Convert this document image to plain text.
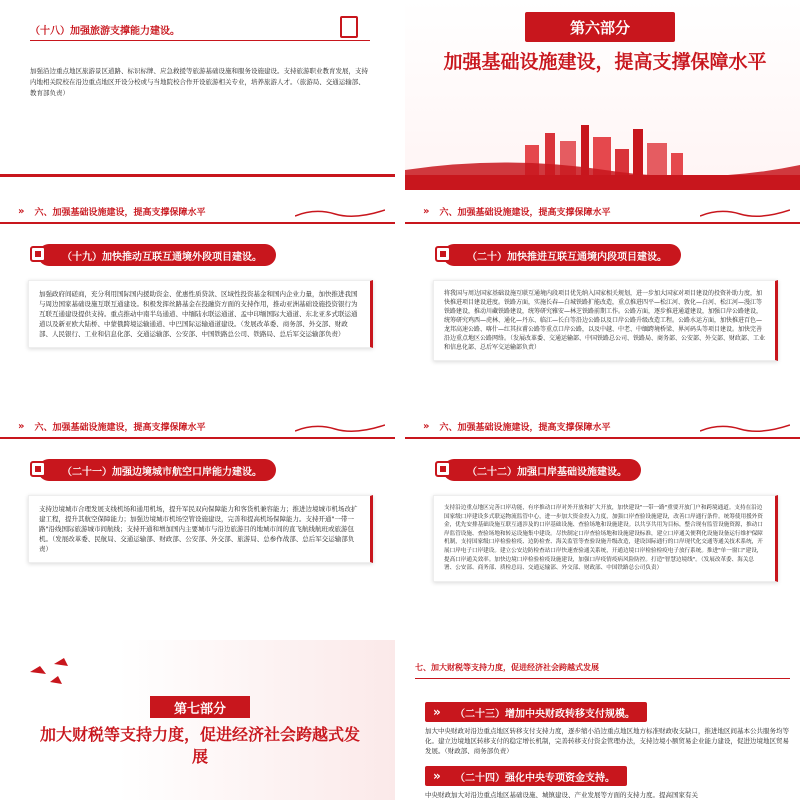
（十八）加强旅游支撑能力建设。
加强沿边重点地区旅游景区道路、标识标牌、应急救援等旅游基础设施和服务设施建设。支持旅游职业教育发展，支持内地相关院校在沿边重点地区开设分校或与当地院校合作开设旅游相关专业，培养旅游人才。（旅游局、交通运输部、教育部负责）
第六部分
加强基础设施建设，提高支撑保障水平
» 六、加强基础设施建设，提高支撑保障水平
（十九）加快推动互联互通境外段项目建设。
加强政府间磋商，充分利用国际国内援助资金、优惠性质贷款、区域性投资基金和国内企业力量，加快推进我国与周边国家基础设施互联互通建设。积极发挥丝路基金在投融资方面的支持作用，推动亚洲基础设施投资银行为互联互通建设提供支持。重点推动中南半岛通道、中缅陆水联运通道、孟中印缅国际大通道、东北亚多式联运通道以及新亚欧大陆桥、中蒙俄跨境运输通道、中巴国际运输通道建设。（发展改革委、商务部、外交部、财政部、人民银行、工业和信息化部、交通运输部、公安部、中国铁路总公司、铁路局、总后军交运输部负责）
» 六、加强基础设施建设，提高支撑保障水平
（二十）加快推进互联互通境内段项目建设。
将我国与周边国家基础设施互联互通境内段项目优先纳入国家相关规划，进一步加大国家对项目建设的投资补助力度，加快推进项目建设进度。铁路方面，实施长春—白城铁路扩能改造，重点推进四平—松江河、敦化—白河、松江河—漫江等铁路建设，推动川藏铁路建设，统筹研究雅安—林芝铁路前期工作。公路方面，逐步推进通道建设，加强口岸公路建设，统筹研究鸡西—虎林、通化—丹东、临江—长白等沿边公路以及口岸公路升级改造工程。公路水运方面，加快推进百色—龙邦高速公路、喀什—红其拉甫公路等重点口岸公路，以及中越、中老、中缅跨境桥梁、界河码头等项目建设。加快完善沿边重点地区公路网络。（发展改革委、交通运输部、中国铁路总公司、铁路局、商务部、公安部、外交部、财政部、工业和信息化部、总后军交运输部负责）
» 六、加强基础设施建设，提高支撑保障水平
（二十一）加强边境城市航空口岸能力建设。
支持边境城市合理发展支线机场和通用机场，提升军民双向保障能力和客货机兼容能力；推进边境城市机场改扩建工程，提升其航空保障能力；加强边境城市机场空管设施建设，完善和提高机场保障能力。支持开通"一带一路"沿线国际旅游城市间航线；支持开通和增加国内主要城市与沿边旅游目的地城市间的直飞航线航班或旅游包机。（发展改革委、民航局、交通运输部、财政部、公安部、外交部、旅游局、总参作战部、总后军交运输部负责）
» 六、加强基础设施建设，提高支撑保障水平
（二十二）加强口岸基础设施建设。
支持沿边重点地区完善口岸功能，有序推动口岸对外开放和扩大开放，加快建设"一带一路"重要开放门户和跨境通道。支持在沿边国家级口岸建设多式联运物流监管中心，进一步加大资金投入力度，加强口岸查验设施建设，改善口岸通行条件。统筹使用援外资金，优先安排基础设施互联互通涉及的口岸基础设施、查验场地和设施建设。以共享共用为目标，整合现有监管设施资源，推动口岸监管设施、查验场地和转运设施集中建设。尽快制定口岸查验场地和设施建设标准，建立口岸通关便利化设施设备运行维护保障机制，支持国家级口岸检验检疫、边防检查、海关监管等查验设施升级改造，建设国际通行的口岸现代化交通等通关技术系统，开展口岸电子口岸建设。建立公安边防检查站口岸快速查验通关系统，开通边境口岸检验检疫电子放行系统。推进"单一窗口"建设，提高口岸通关效率。加快边境口岸检验检疫设施建设，加强口岸疫情疫病风险防控。打造"智慧边境线"。（发展改革委、海关总署、公安部、商务部、质检总局、交通运输部、外交部、财政部、中国铁路总公司负责）
第七部分
加大财税等支持力度，促进经济社会跨越式发展
七、加大财税等支持力度，促进经济社会跨越式发展
» （二十三）增加中央财政转移支付规模。
加大中央财政对沿边重点地区转移支付支持力度，逐步缩小沿边重点地区地方标准财政收支缺口，推进地区间基本公共服务均等化。建立边境地区转移支付的稳定增长机制，完善转移支付资金管理办法，支持边境小额贸易企业能力建设，促进边境地区贸易发展。（财政部、商务部负责）
» （二十四）强化中央专项资金支持。
中央财政加大对沿边重点地区基础设施、城镇建设、产业发展等方面的支持力度。提高国家有关
